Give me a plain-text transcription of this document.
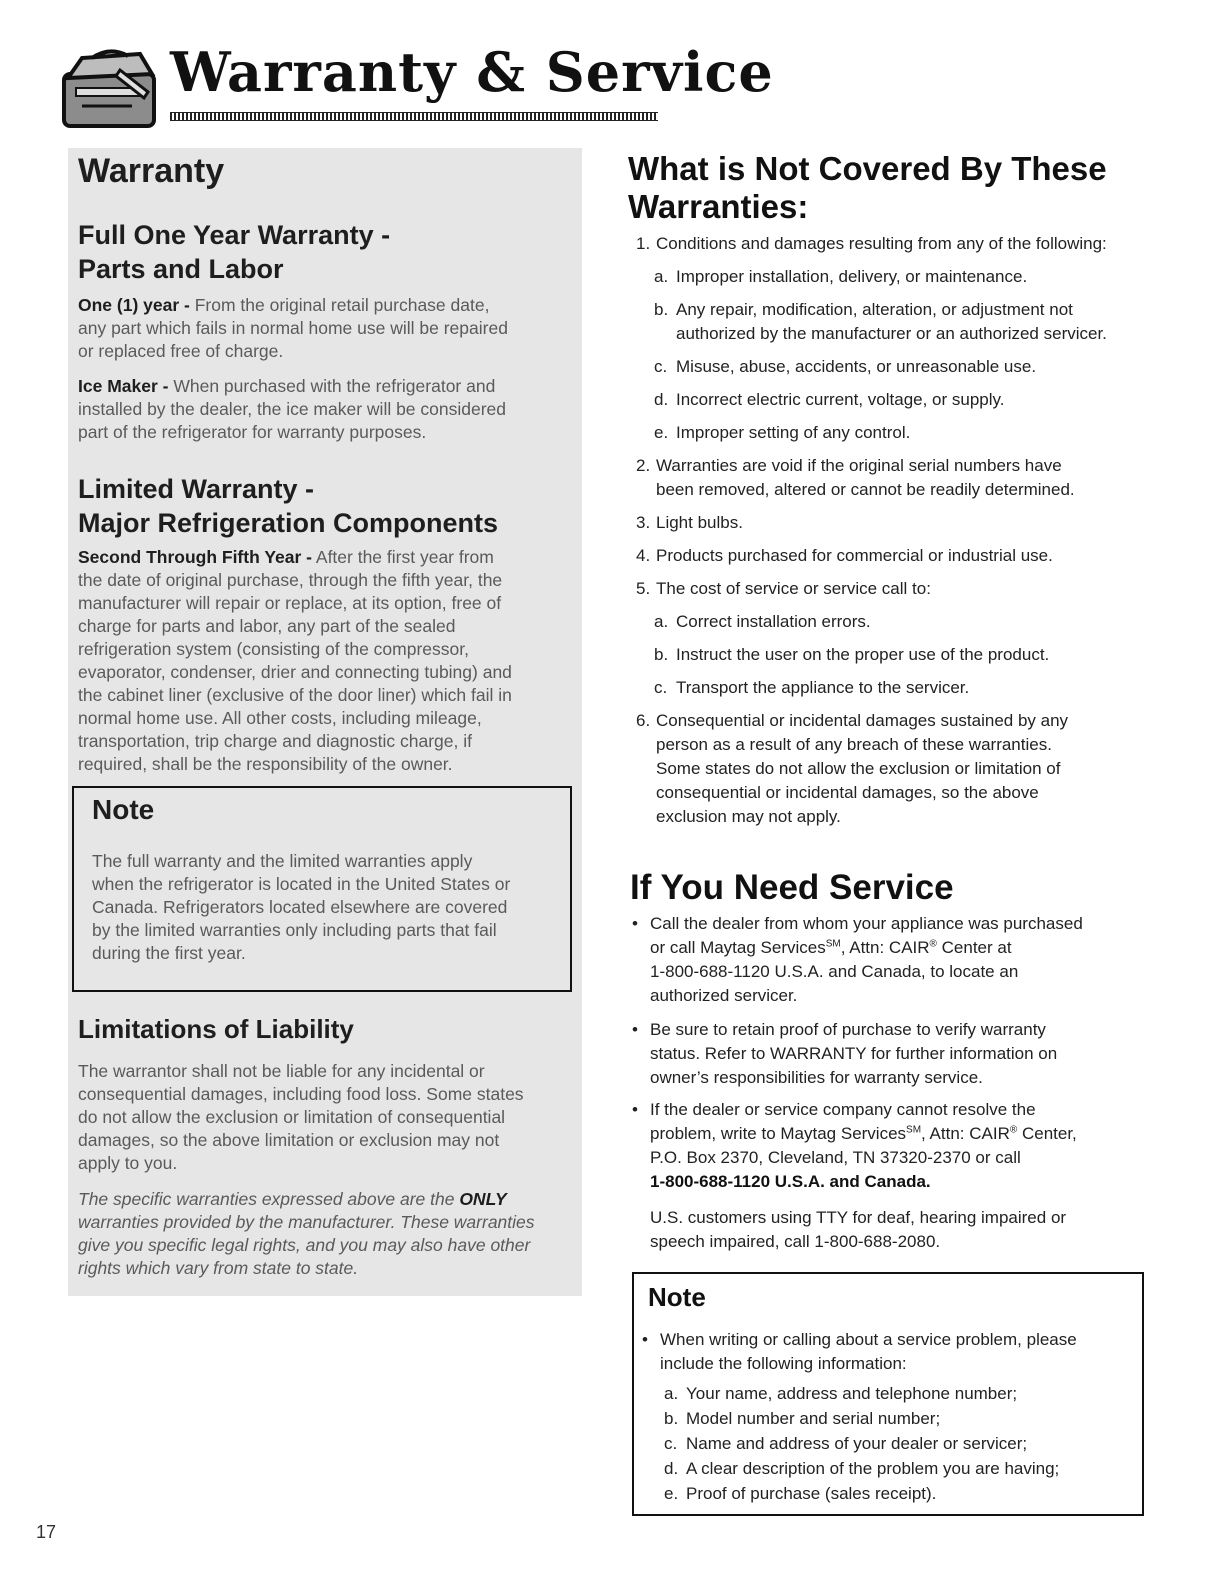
Warranty & Service
Warranty
Full One Year Warranty -
Parts and Labor
One (1) year - From the original retail purchase date,
any part which fails in normal home use will be repaired
or replaced free of charge.
Ice Maker - When purchased with the refrigerator and
installed by the dealer, the ice maker will be considered
part of the refrigerator for warranty purposes.
Limited Warranty -
Major Refrigeration Components
Second Through Fifth Year - After the first year from
the date of original purchase, through the fifth year, the
manufacturer will repair or replace, at its option, free of
charge for parts and labor, any part of the sealed
refrigeration system (consisting of the compressor,
evaporator, condenser, drier and connecting tubing) and
the cabinet liner (exclusive of the door liner) which fail in
normal home use. All other costs, including mileage,
transportation, trip charge and diagnostic charge, if
required, shall be the responsibility of the owner.
Note
The full warranty and the limited warranties apply
when the refrigerator is located in the United States or
Canada. Refrigerators located elsewhere are covered
by the limited warranties only including parts that fail
during the first year.
Limitations of Liability
The warrantor shall not be liable for any incidental or
consequential damages, including food loss. Some states
do not allow the exclusion or limitation of consequential
damages, so the above limitation or exclusion may not
apply to you.
The specific warranties expressed above are the ONLY
warranties provided by the manufacturer. These warranties
give you specific legal rights, and you may also have other
rights which vary from state to state.
What is Not Covered By These
Warranties:
1. Conditions and damages resulting from any of the following:
a. Improper installation, delivery, or maintenance.
b. Any repair, modification, alteration, or adjustment not
authorized by the manufacturer or an authorized servicer.
c. Misuse, abuse, accidents, or unreasonable use.
d. Incorrect electric current, voltage, or supply.
e. Improper setting of any control.
2. Warranties are void if the original serial numbers have
been removed, altered or cannot be readily determined.
3. Light bulbs.
4. Products purchased for commercial or industrial use.
5. The cost of service or service call to:
a. Correct installation errors.
b. Instruct the user on the proper use of the product.
c. Transport the appliance to the servicer.
6. Consequential or incidental damages sustained by any
person as a result of any breach of these warranties.
Some states do not allow the exclusion or limitation of
consequential or incidental damages, so the above
exclusion may not apply.
If You Need Service
• Call the dealer from whom your appliance was purchased
or call Maytag Services℠, Attn: CAIR® Center at
1-800-688-1120 U.S.A. and Canada, to locate an
authorized servicer.
• Be sure to retain proof of purchase to verify warranty
status. Refer to WARRANTY for further information on
owner’s responsibilities for warranty service.
• If the dealer or service company cannot resolve the
problem, write to Maytag Services℠, Attn: CAIR® Center,
P.O. Box 2370, Cleveland, TN 37320-2370 or call
1-800-688-1120 U.S.A. and Canada.
U.S. customers using TTY for deaf, hearing impaired or
speech impaired, call 1-800-688-2080.
Note
• When writing or calling about a service problem, please
include the following information:
a. Your name, address and telephone number;
b. Model number and serial number;
c. Name and address of your dealer or servicer;
d. A clear description of the problem you are having;
e. Proof of purchase (sales receipt).
17
